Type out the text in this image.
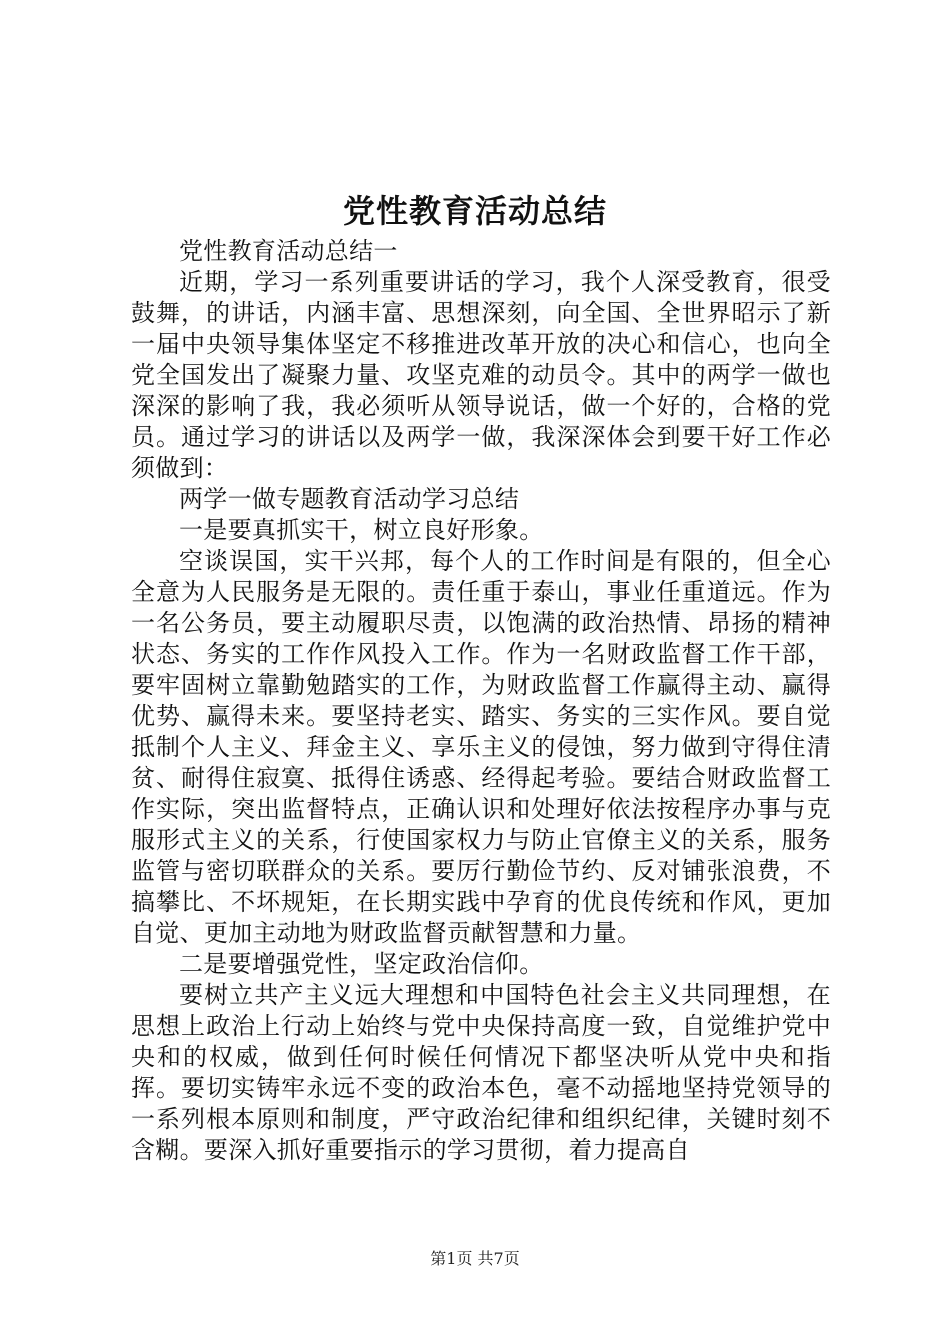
党性教育活动总结

党性教育活动总结一

近期，学习一系列重要讲话的学习，我个人深受教育，很受鼓舞，的讲话，内涵丰富、思想深刻，向全国、全世界昭示了新一届中央领导集体坚定不移推进改革开放的决心和信心，也向全党全国发出了凝聚力量、攻坚克难的动员令。其中的两学一做也深深的影响了我，我必须听从领导说话，做一个好的，合格的党员。通过学习的讲话以及两学一做，我深深体会到要干好工作必须做到：

两学一做专题教育活动学习总结

一是要真抓实干，树立良好形象。

空谈误国，实干兴邦，每个人的工作时间是有限的，但全心全意为人民服务是无限的。责任重于泰山，事业任重道远。作为一名公务员，要主动履职尽责，以饱满的政治热情、昂扬的精神状态、务实的工作作风投入工作。作为一名财政监督工作干部，要牢固树立靠勤勉踏实的工作，为财政监督工作赢得主动、赢得优势、赢得未来。要坚持老实、踏实、务实的三实作风。要自觉抵制个人主义、拜金主义、享乐主义的侵蚀，努力做到守得住清贫、耐得住寂寞、抵得住诱惑、经得起考验。要结合财政监督工作实际，突出监督特点，正确认识和处理好依法按程序办事与克服形式主义的关系，行使国家权力与防止官僚主义的关系，服务监管与密切联群众的关系。要厉行勤俭节约、反对铺张浪费，不搞攀比、不坏规矩，在长期实践中孕育的优良传统和作风，更加自觉、更加主动地为财政监督贡献智慧和力量。

二是要增强党性，坚定政治信仰。

要树立共产主义远大理想和中国特色社会主义共同理想，在思想上政治上行动上始终与党中央保持高度一致，自觉维护党中央和的权威，做到任何时候任何情况下都坚决听从党中央和指挥。要切实铸牢永远不变的政治本色，毫不动摇地坚持党领导的一系列根本原则和制度，严守政治纪律和组织纪律，关键时刻不含糊。要深入抓好重要指示的学习贯彻，着力提高自

第1页 共7页
